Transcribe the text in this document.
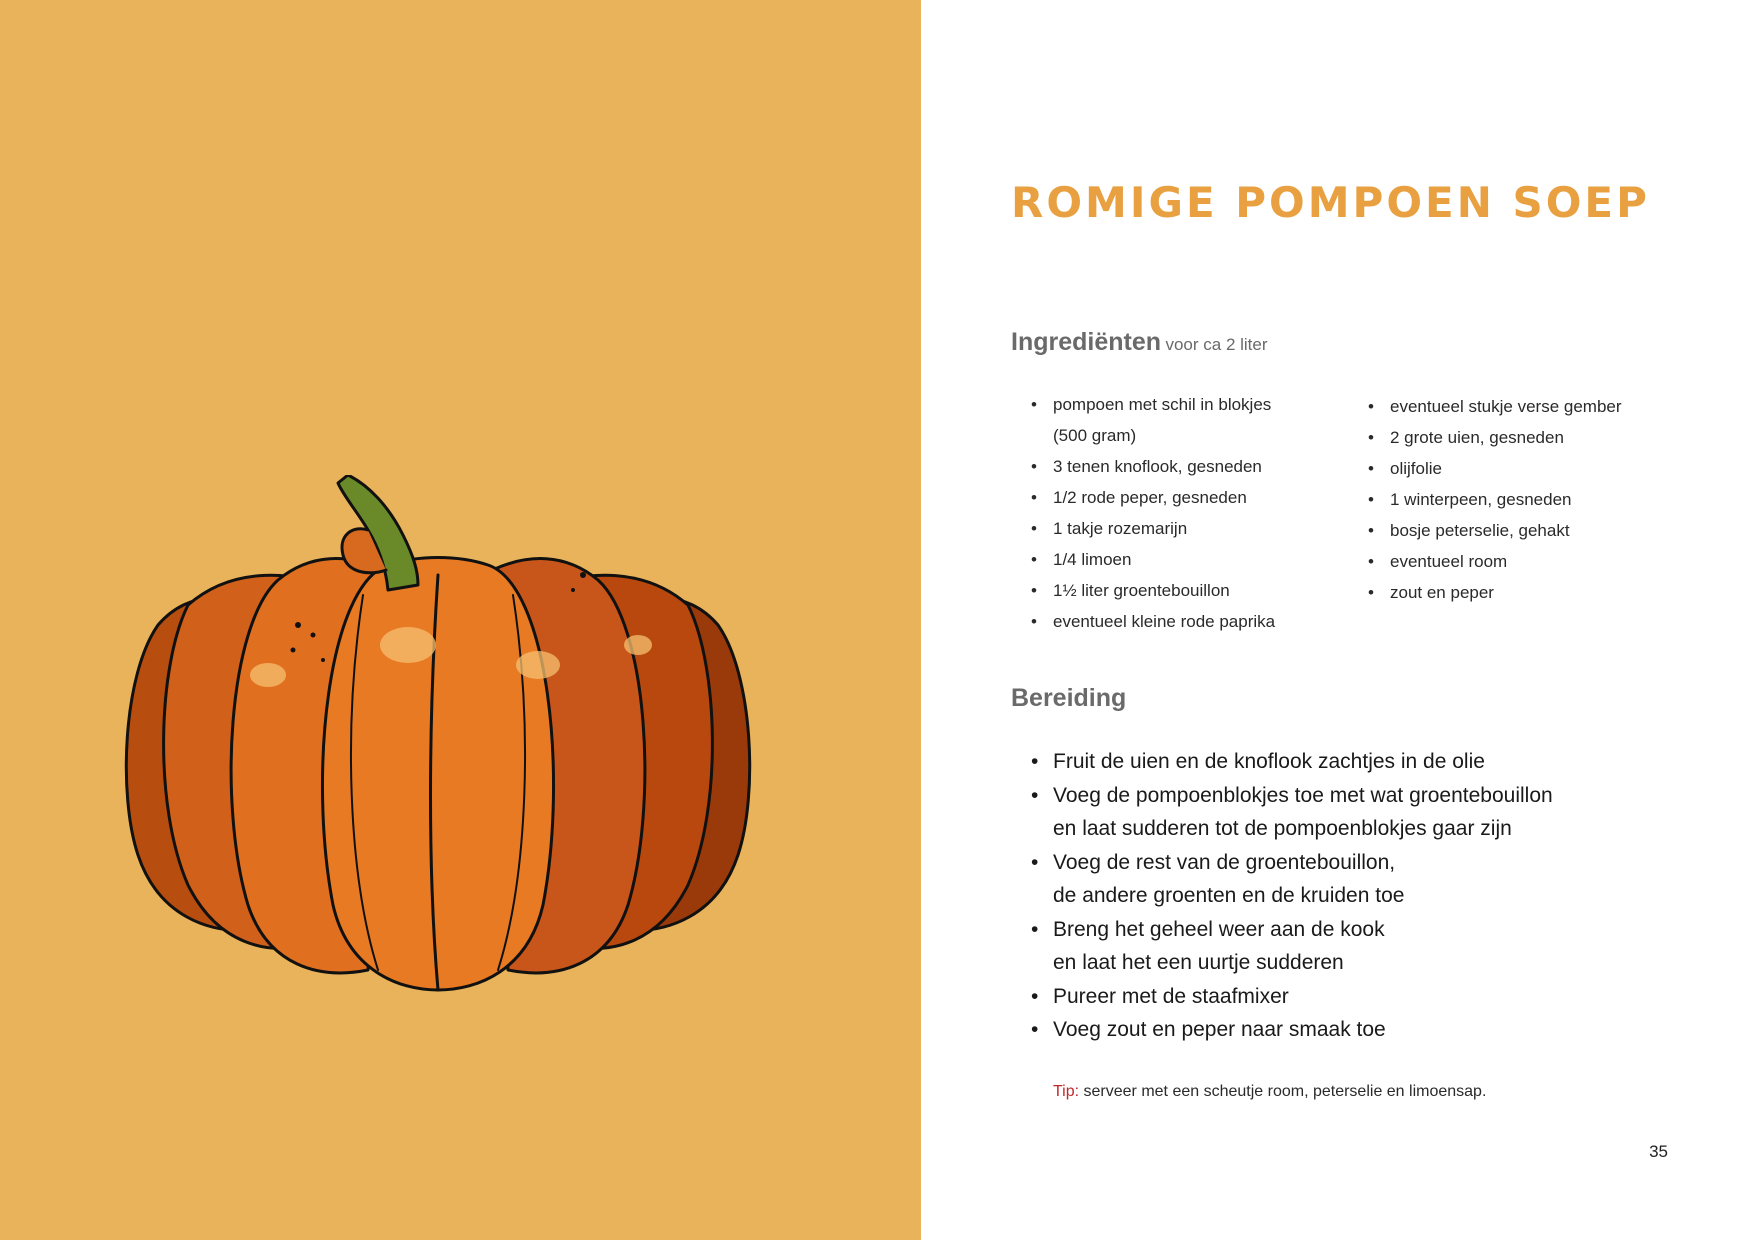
ROMIGE POMPOEN SOEP
Ingrediënten voor ca 2 liter
• pompoen met schil in blokjes
(500 gram)
• 3 tenen knoflook, gesneden
• 1/2 rode peper, gesneden
• 1 takje rozemarijn
• 1/4 limoen
• 1½ liter groentebouillon
• eventueel kleine rode paprika
• eventueel stukje verse gember
• 2 grote uien, gesneden
• olijfolie
• 1 winterpeen, gesneden
• bosje peterselie, gehakt
• eventueel room
• zout en peper
Bereiding
• Fruit de uien en de knoflook zachtjes in de olie
• Voeg de pompoenblokjes toe met wat groentebouillon
en laat sudderen tot de pompoenblokjes gaar zijn
• Voeg de rest van de groentebouillon,
de andere groenten en de kruiden toe
• Breng het geheel weer aan de kook
en laat het een uurtje sudderen
• Pureer met de staafmixer
• Voeg zout en peper naar smaak toe
Tip: serveer met een scheutje room, peterselie en limoensap.
35
